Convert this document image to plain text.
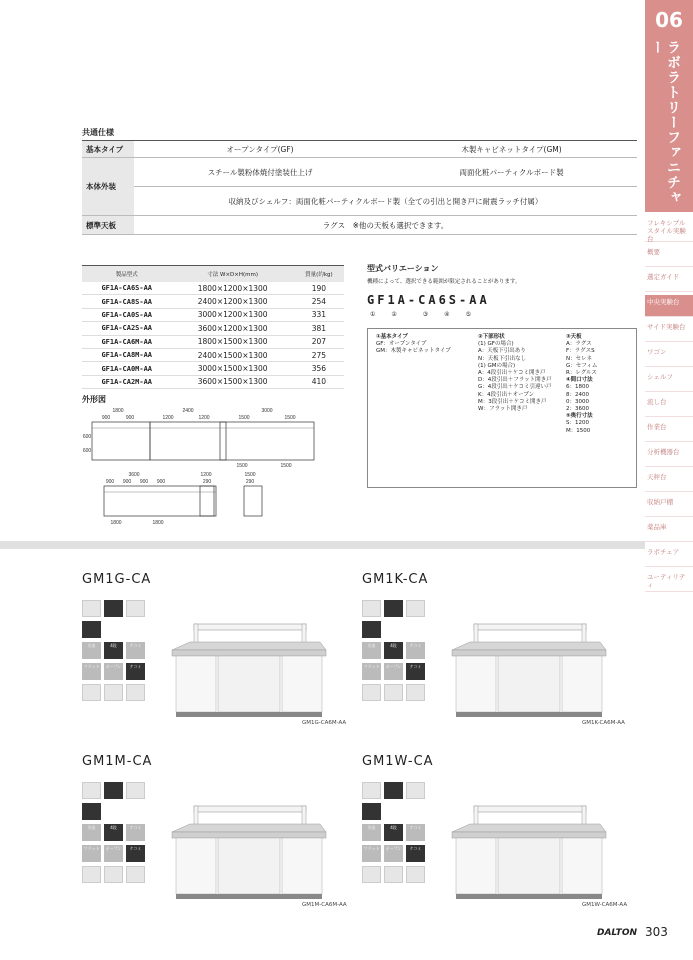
06
ラボラトリーファニチャー
フレキシブルスタイル実験台
概要
選定ガイド
中央実験台
サイド実験台
ワゴン
シェルフ
流し台
作業台
分析機器台
天秤台
収納戸棚
薬品庫
ラボチェア
ユーティリティ
共通仕様
基本タイプ	オープンタイプ(GF)	木製キャビネットタイプ(GM)
本体外装	スチール製粉体焼付塗装仕上げ	両面化粧パーティクルボード製
	収納及びシェルフ：両面化粧パーティクルボード製（全ての引出と開き戸に耐震ラッチ付属）	
標準天板	ラグス　※他の天板も選択できます。	
製品型式	寸法 W×D×H(mm)	質量(約kg)
GF1A-CA6S-AA	1800×1200×1300	190
GF1A-CA8S-AA	2400×1200×1300	254
GF1A-CA0S-AA	3000×1200×1300	331
GF1A-CA2S-AA	3600×1200×1300	381
GF1A-CA6M-AA	1800×1500×1300	207
GF1A-CA8M-AA	2400×1500×1300	275
GF1A-CA0M-AA	3000×1500×1300	356
GF1A-CA2M-AA	3600×1500×1300	410
外形図
1800
900	900
2400
1200	1200
3000
1500	1500
1500	1500
600
600
3600
900 900 900 900
1200	1500
290	290
1800	1800
型式バリエーション
機種によって、選択できる範囲が限定されることがあります。
GF1A-CA6S-AA
①	②	③	④	⑤
①基本タイプ
GF：オープンタイプ
GM：木製キャビネットタイプ
②下部形状
(1) GFの場合)
A：天板下引出あり
N：天板下引出なし
(1) GMの場合)
A：4段引出＋ケコミ開き戸
D：4段引出＋フラット開き戸
G：4段引出＋ケコミ引違い戸
K：4段引出＋オープン
M：3段引出＋ケコミ開き戸
W：フラット開き戸
③天板
A：ラグス
F：ラグスS
N：セレネ
G：セフィム
R：レグルス
④間口寸法
6：1800
8：2400
0：3000
2：3600
⑤奥行寸法
S：1200
M：1500
GM1G-CA
引出	4段	ケコミ
フラット	オープン	ケコミ
GM1G-CA6M-AA
GM1K-CA
引出	4段	ケコミ
フラット	オープン	ケコミ
GM1K-CA6M-AA
GM1M-CA
引出	4段	ケコミ
フラット	オープン	ケコミ
GM1M-CA6M-AA
GM1W-CA
引出	4段	ケコミ
フラット	オープン	ケコミ
GM1W-CA6M-AA
DALTON 303
